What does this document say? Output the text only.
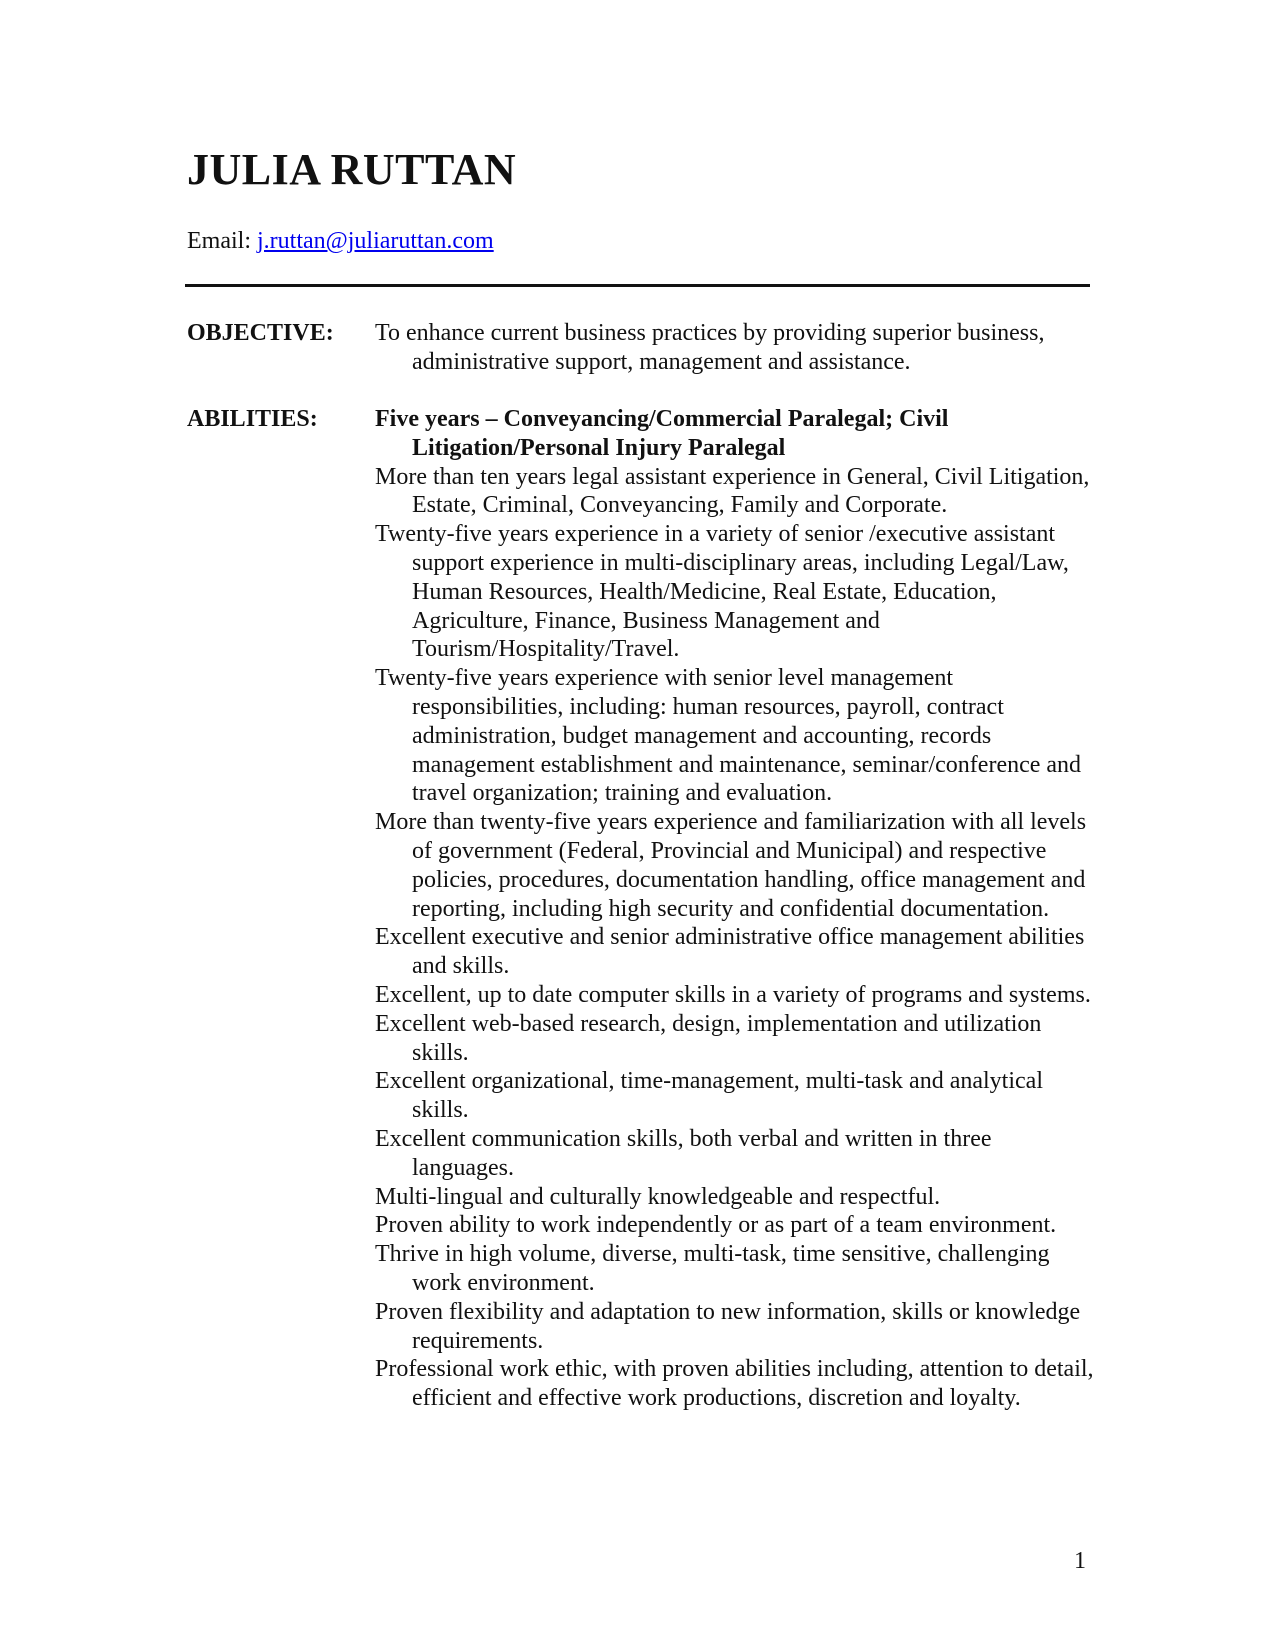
JULIA RUTTAN
Email: j.ruttan@juliaruttan.com
OBJECTIVE: To enhance current business practices by providing superior business, administrative support, management and assistance.

ABILITIES: Five years – Conveyancing/Commercial Paralegal; Civil Litigation/Personal Injury Paralegal

More than ten years legal assistant experience in General, Civil Litigation, Estate, Criminal, Conveyancing, Family and Corporate.

Twenty-five years experience in a variety of senior /executive assistant support experience in multi-disciplinary areas, including Legal/Law, Human Resources, Health/Medicine, Real Estate, Education, Agriculture, Finance, Business Management and Tourism/Hospitality/Travel.

Twenty-five years experience with senior level management responsibilities, including: human resources, payroll, contract administration, budget management and accounting, records management establishment and maintenance, seminar/conference and travel organization; training and evaluation.

More than twenty-five years experience and familiarization with all levels of government (Federal, Provincial and Municipal) and respective policies, procedures, documentation handling, office management and reporting, including high security and confidential documentation.

Excellent executive and senior administrative office management abilities and skills.

Excellent, up to date computer skills in a variety of programs and systems.

Excellent web-based research, design, implementation and utilization skills.

Excellent organizational, time-management, multi-task and analytical skills.

Excellent communication skills, both verbal and written in three languages.

Multi-lingual and culturally knowledgeable and respectful.

Proven ability to work independently or as part of a team environment.

Thrive in high volume, diverse, multi-task, time sensitive, challenging work environment.

Proven flexibility and adaptation to new information, skills or knowledge requirements.

Professional work ethic, with proven abilities including, attention to detail, efficient and effective work productions, discretion and loyalty.

1
